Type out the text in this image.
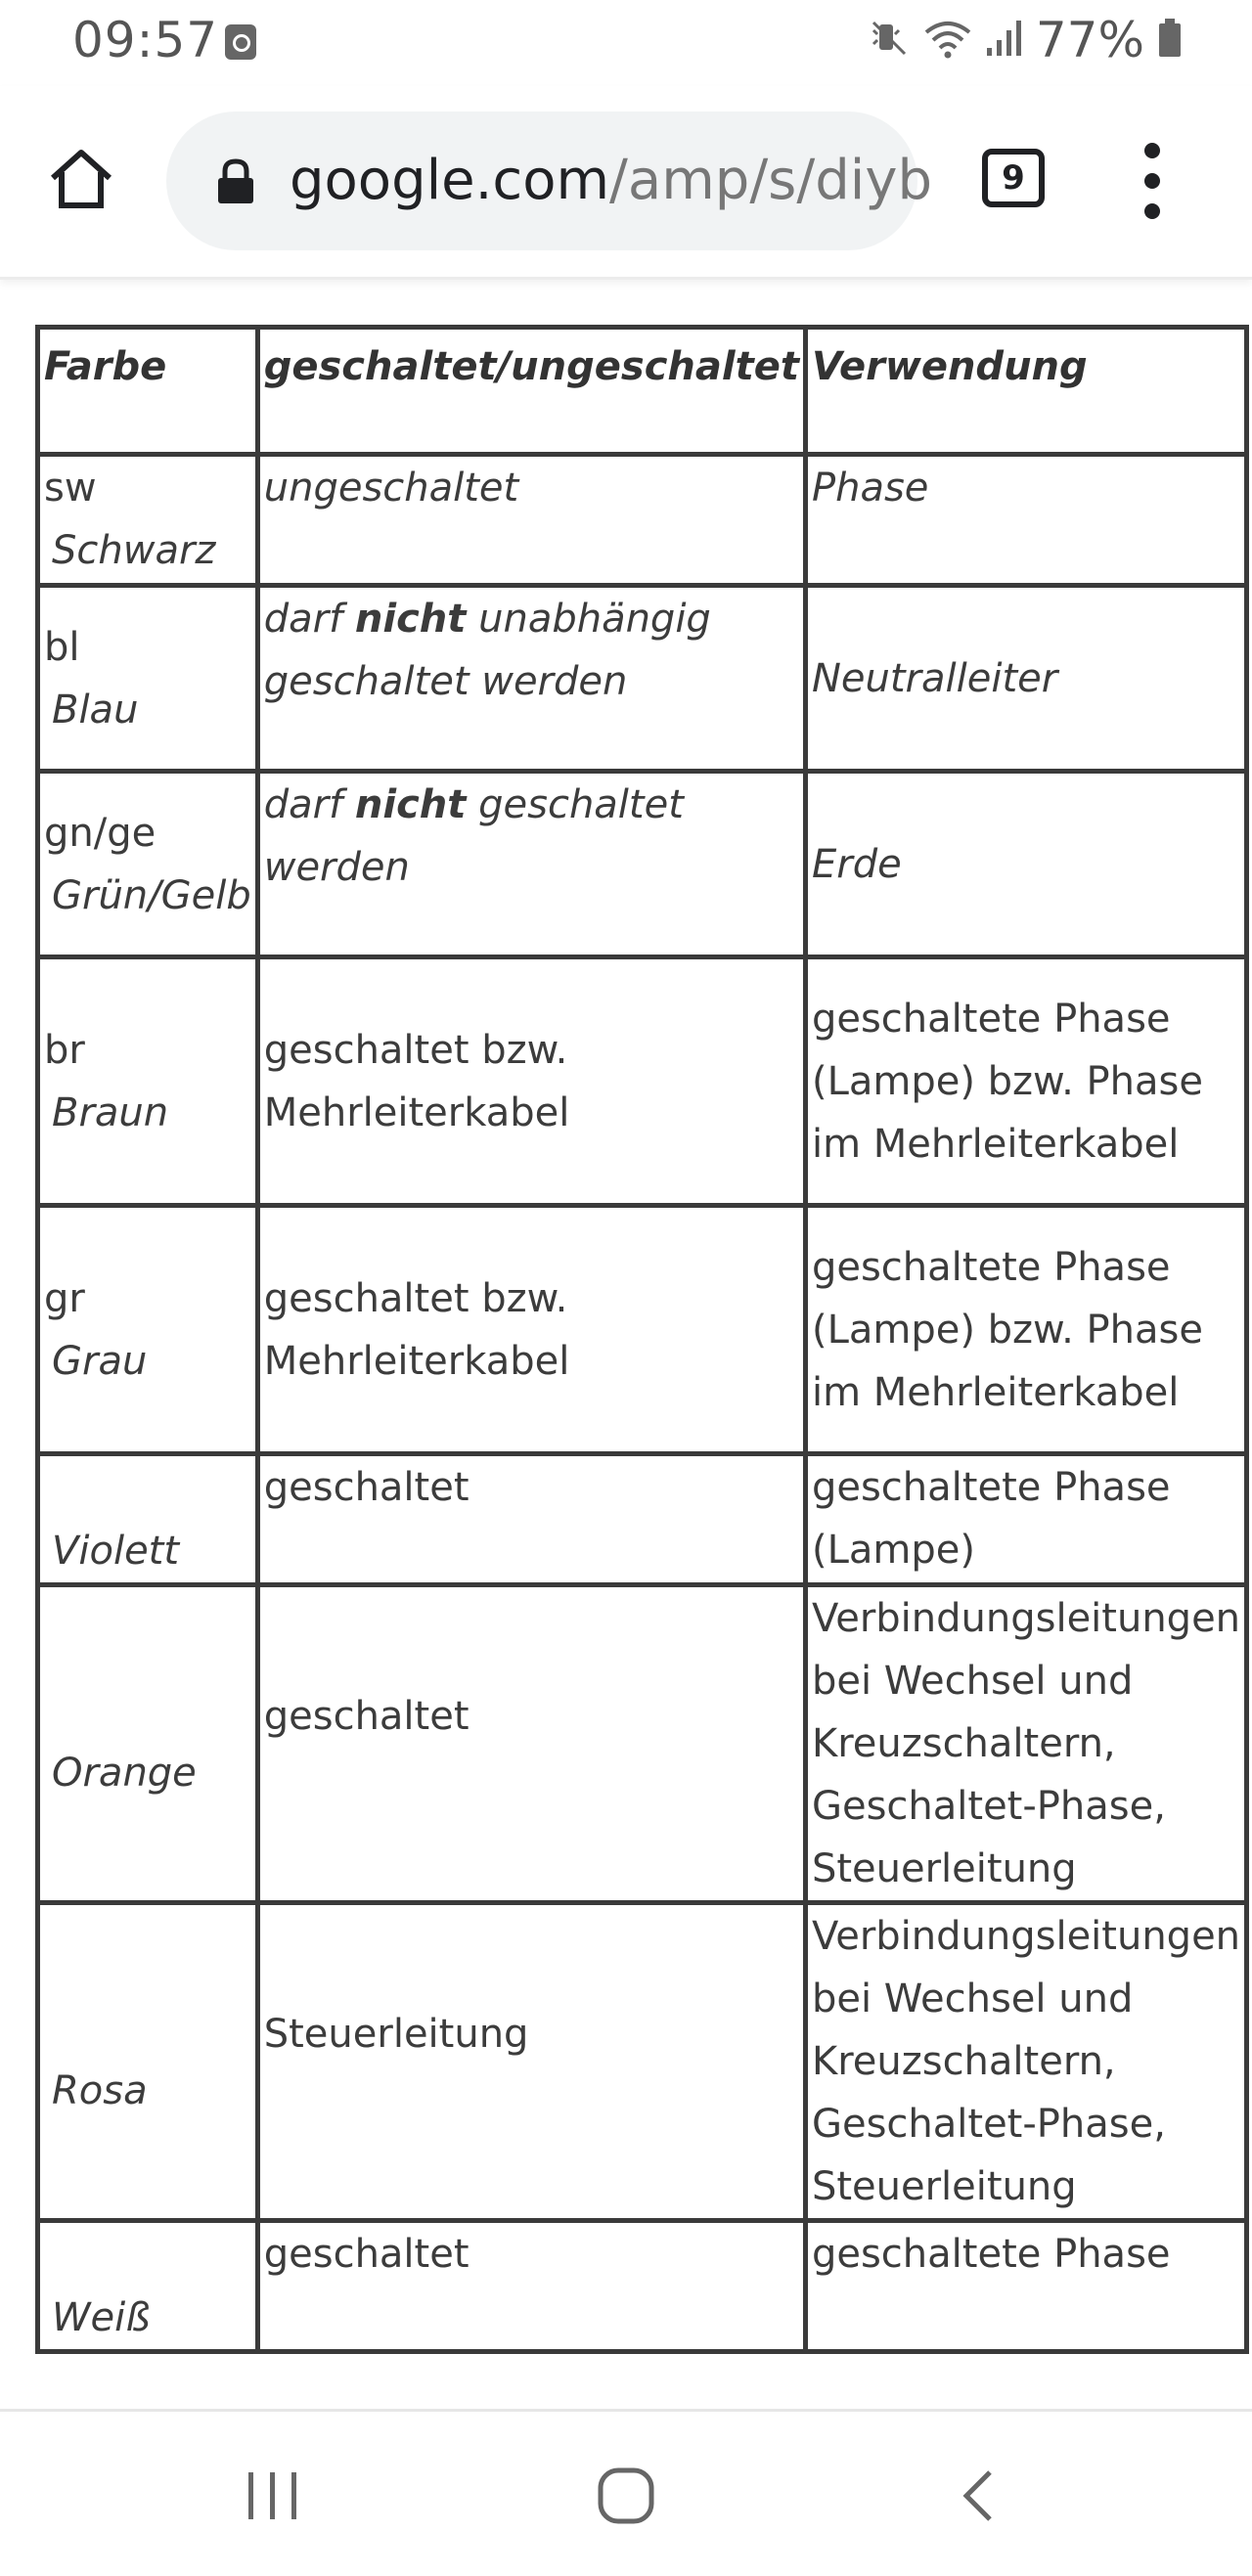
09:57	77%
google.com/amp/s/diyb	9
Farbe	geschaltet/ungeschaltet	Verwendung

sw
Schwarz	ungeschaltet	Phase

bl
Blau	darf nicht unabhängig geschaltet werden	Neutralleiter

gn/ge
Grün/Gelb	darf nicht geschaltet werden	Erde

br
Braun	geschaltet bzw. Mehrleiterkabel	geschaltete Phase (Lampe) bzw. Phase im Mehrleiterkabel

gr
Grau	geschaltet bzw. Mehrleiterkabel	geschaltete Phase (Lampe) bzw. Phase im Mehrleiterkabel

Violett	geschaltet	geschaltete Phase (Lampe)

Orange	geschaltet	Verbindungsleitungen bei Wechsel und Kreuzschaltern, Geschaltet-Phase, Steuerleitung

Rosa	Steuerleitung	Verbindungsleitungen bei Wechsel und Kreuzschaltern, Geschaltet-Phase, Steuerleitung

Weiß	geschaltet	geschaltete Phase
